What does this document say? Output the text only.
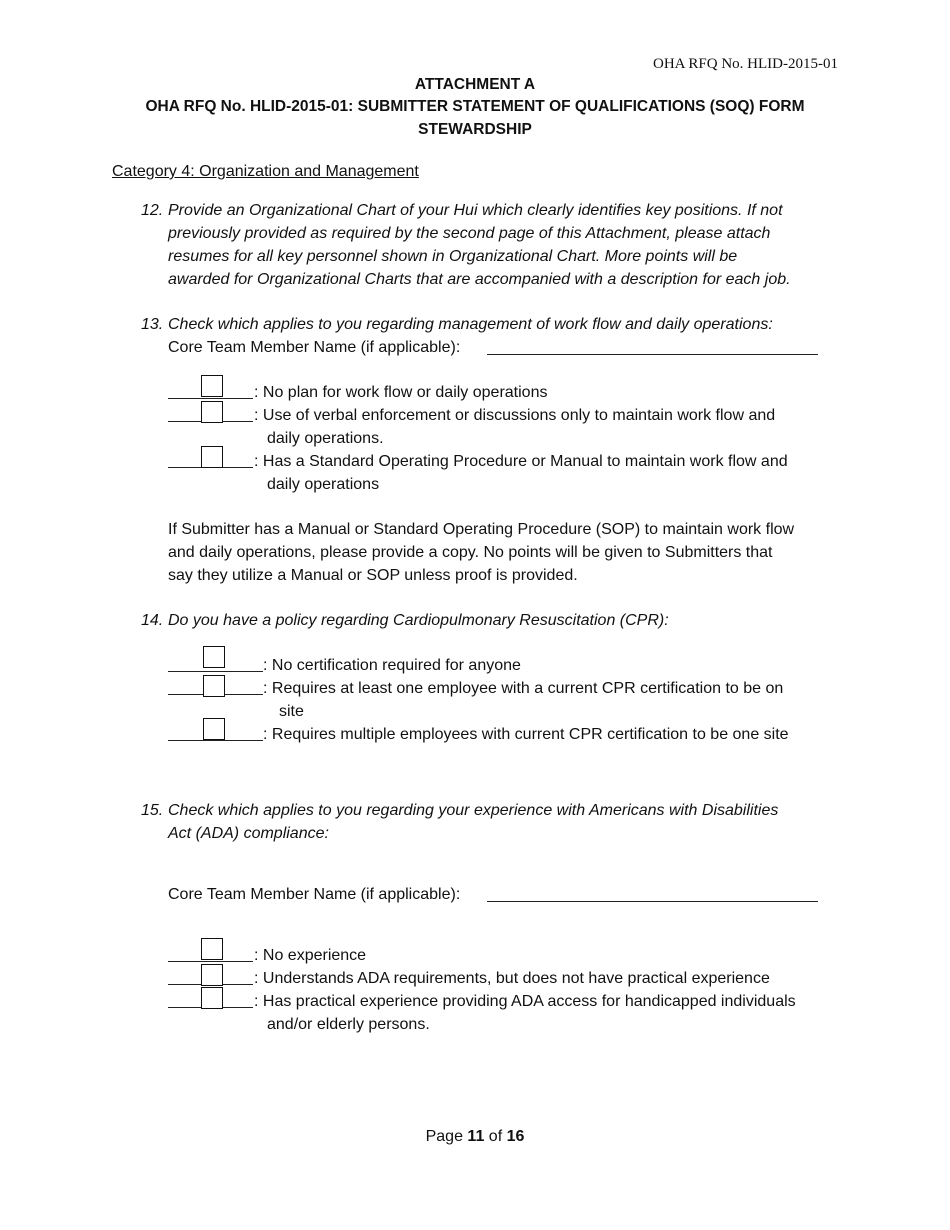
OHA RFQ No. HLID-2015-01
ATTACHMENT A
OHA RFQ No. HLID-2015-01: SUBMITTER STATEMENT OF QUALIFICATIONS (SOQ) FORM
STEWARDSHIP
Category 4: Organization and Management
12. Provide an Organizational Chart of your Hui which clearly identifies key positions. If not
previously provided as required by the second page of this Attachment, please attach
resumes for all key personnel shown in Organizational Chart. More points will be
awarded for Organizational Charts that are accompanied with a description for each job.
13. Check which applies to you regarding management of work flow and daily operations:
Core Team Member Name (if applicable):
: No plan for work flow or daily operations
: Use of verbal enforcement or discussions only to maintain work flow and
daily operations.
: Has a Standard Operating Procedure or Manual to maintain work flow and
daily operations
If Submitter has a Manual or Standard Operating Procedure (SOP) to maintain work flow
and daily operations, please provide a copy. No points will be given to Submitters that
say they utilize a Manual or SOP unless proof is provided.
14. Do you have a policy regarding Cardiopulmonary Resuscitation (CPR):
: No certification required for anyone
: Requires at least one employee with a current CPR certification to be on
site
: Requires multiple employees with current CPR certification to be one site
15. Check which applies to you regarding your experience with Americans with Disabilities
Act (ADA) compliance:
Core Team Member Name (if applicable):
: No experience
: Understands ADA requirements, but does not have practical experience
: Has practical experience providing ADA access for handicapped individuals
and/or elderly persons.
Page 11 of 16
